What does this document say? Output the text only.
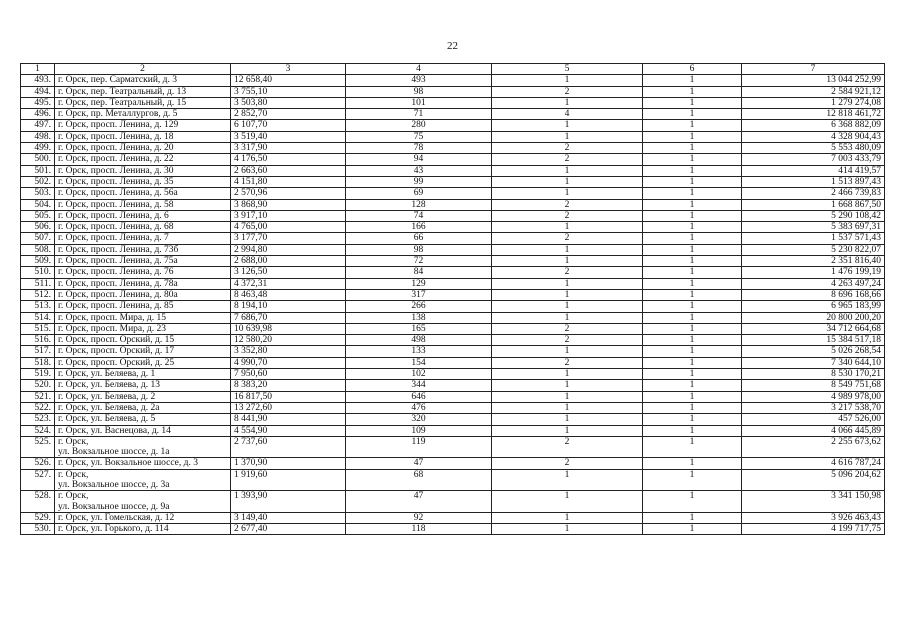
22
1	2	3	4	5	6	7
493.	г. Орск, пер. Сарматский, д. 3	12 658,40	493	1	1	13 044 252,99
494.	г. Орск, пер. Театральный, д. 13	3 755,10	98	2	1	2 584 921,12
495.	г. Орск, пер. Театральный, д. 15	3 503,80	101	1	1	1 279 274,08
496.	г. Орск, пр. Металлургов, д. 5	2 852,70	71	4	1	12 818 461,72
497.	г. Орск, просп. Ленина, д. 129	6 107,70	280	1	1	6 368 882,09
498.	г. Орск, просп. Ленина, д. 18	3 519,40	75	1	1	4 328 904,43
499.	г. Орск, просп. Ленина, д. 20	3 317,90	78	2	1	5 553 480,09
500.	г. Орск, просп. Ленина, д. 22	4 176,50	94	2	1	7 003 433,79
501.	г. Орск, просп. Ленина, д. 30	2 663,60	43	1	1	414 419,57
502.	г. Орск, просп. Ленина, д. 35	4 151,80	99	1	1	1 513 897,43
503.	г. Орск, просп. Ленина, д. 56а	2 570,96	69	1	1	2 466 739,83
504.	г. Орск, просп. Ленина, д. 58	3 868,90	128	2	1	1 668 867,50
505.	г. Орск, просп. Ленина, д. 6	3 917,10	74	2	1	5 290 108,42
506.	г. Орск, просп. Ленина, д. 68	4 765,00	166	1	1	5 383 697,31
507.	г. Орск, просп. Ленина, д. 7	3 177,70	66	2	1	1 537 571,43
508.	г. Орск, просп. Ленина, д. 73б	2 994,80	98	1	1	5 230 822,07
509.	г. Орск, просп. Ленина, д. 75а	2 688,00	72	1	1	2 351 816,40
510.	г. Орск, просп. Ленина, д. 76	3 126,50	84	2	1	1 476 199,19
511.	г. Орск, просп. Ленина, д. 78а	4 372,31	129	1	1	4 263 497,24
512.	г. Орск, просп. Ленина, д. 80а	8 463,48	317	1	1	8 696 168,66
513.	г. Орск, просп. Ленина, д. 85	8 194,10	266	1	1	6 965 183,99
514.	г. Орск, просп. Мира, д. 15	7 686,70	138	1	1	20 800 200,20
515.	г. Орск, просп. Мира, д. 23	10 639,98	165	2	1	34 712 664,68
516.	г. Орск, просп. Орский, д. 15	12 580,20	498	2	1	15 384 517,18
517.	г. Орск, просп. Орский, д. 17	3 352,80	133	1	1	5 026 268,54
518.	г. Орск, просп. Орский, д. 25	4 990,70	154	2	1	7 340 644,10
519.	г. Орск, ул. Беляева, д. 1	7 950,60	102	1	1	8 530 170,21
520.	г. Орск, ул. Беляева, д. 13	8 383,20	344	1	1	8 549 751,68
521.	г. Орск, ул. Беляева, д. 2	16 817,50	646	1	1	4 989 978,00
522.	г. Орск, ул. Беляева, д. 2а	13 272,60	476	1	1	3 217 538,70
523.	г. Орск, ул. Беляева, д. 5	8 441,90	320	1	1	457 526,00
524.	г. Орск, ул. Васнецова, д. 14	4 554,90	109	1	1	4 066 445,89
525.	г. Орск,
ул. Вокзальное шоссе, д. 1а	2 737,60	119	2	1	2 255 673,62
526.	г. Орск, ул. Вокзальное шоссе, д. 3	1 370,90	47	2	1	4 616 787,24
527.	г. Орск,
ул. Вокзальное шоссе, д. 3а	1 919,60	68	1	1	5 096 204,62
528.	г. Орск,
ул. Вокзальное шоссе, д. 9а	1 393,90	47	1	1	3 341 150,98
529.	г. Орск, ул. Гомельская, д. 12	3 149,40	92	1	1	3 926 463,43
530.	г. Орск, ул. Горького, д. 114	2 677,40	118	1	1	4 199 717,75
